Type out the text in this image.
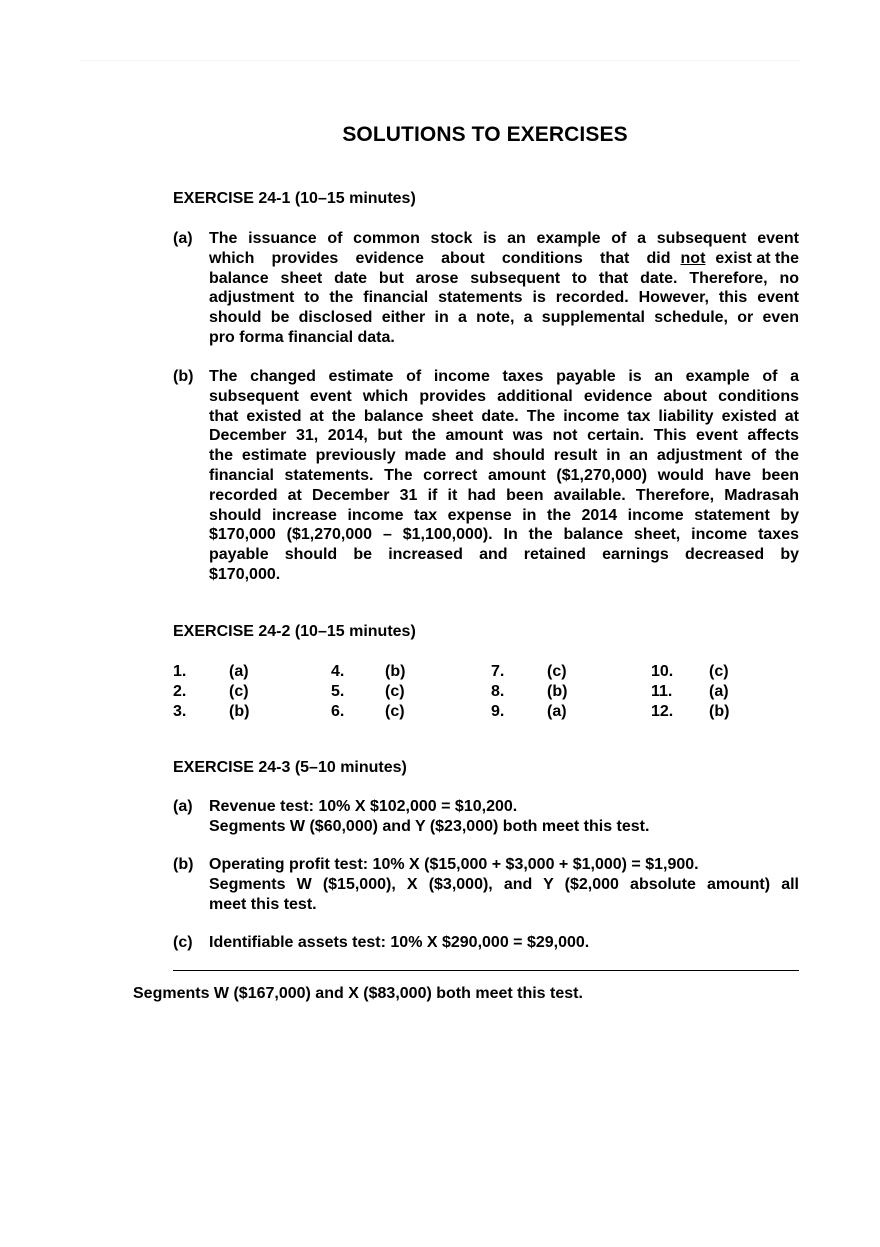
SOLUTIONS TO EXERCISES
EXERCISE 24-1 (10–15 minutes)
(a) The issuance of common stock is an example of a subsequent event
which provides evidence about conditions that did not exist at the
balance sheet date but arose subsequent to that date. Therefore, no
adjustment to the financial statements is recorded. However, this event
should be disclosed either in a note, a supplemental schedule, or even
pro forma financial data.
(b) The changed estimate of income taxes payable is an example of a
subsequent event which provides additional evidence about conditions
that existed at the balance sheet date. The income tax liability existed at
December 31, 2014, but the amount was not certain. This event affects
the estimate previously made and should result in an adjustment of the
financial statements. The correct amount ($1,270,000) would have been
recorded at December 31 if it had been available. Therefore, Madrasah
should increase income tax expense in the 2014 income statement by
$170,000 ($1,270,000 – $1,100,000). In the balance sheet, income taxes
payable should be increased and retained earnings decreased by
$170,000.
EXERCISE 24-2 (10–15 minutes)
1.	(a)	4.	(b)	7.	(c)	10. (c)
2.	(c)	5.	(c)	8.	(b)	11. (a)
3.	(b)	6.	(c)	9.	(a)	12. (b)
EXERCISE 24-3 (5–10 minutes)
(a) Revenue test: 10% X $102,000 = $10,200.
Segments W ($60,000) and Y ($23,000) both meet this test.
(b) Operating profit test: 10% X ($15,000 + $3,000 + $1,000) = $1,900.
Segments W ($15,000), X ($3,000), and Y ($2,000 absolute amount) all
meet this test.
(c) Identifiable assets test: 10% X $290,000 = $29,000.
Segments W ($167,000) and X ($83,000) both meet this test.
